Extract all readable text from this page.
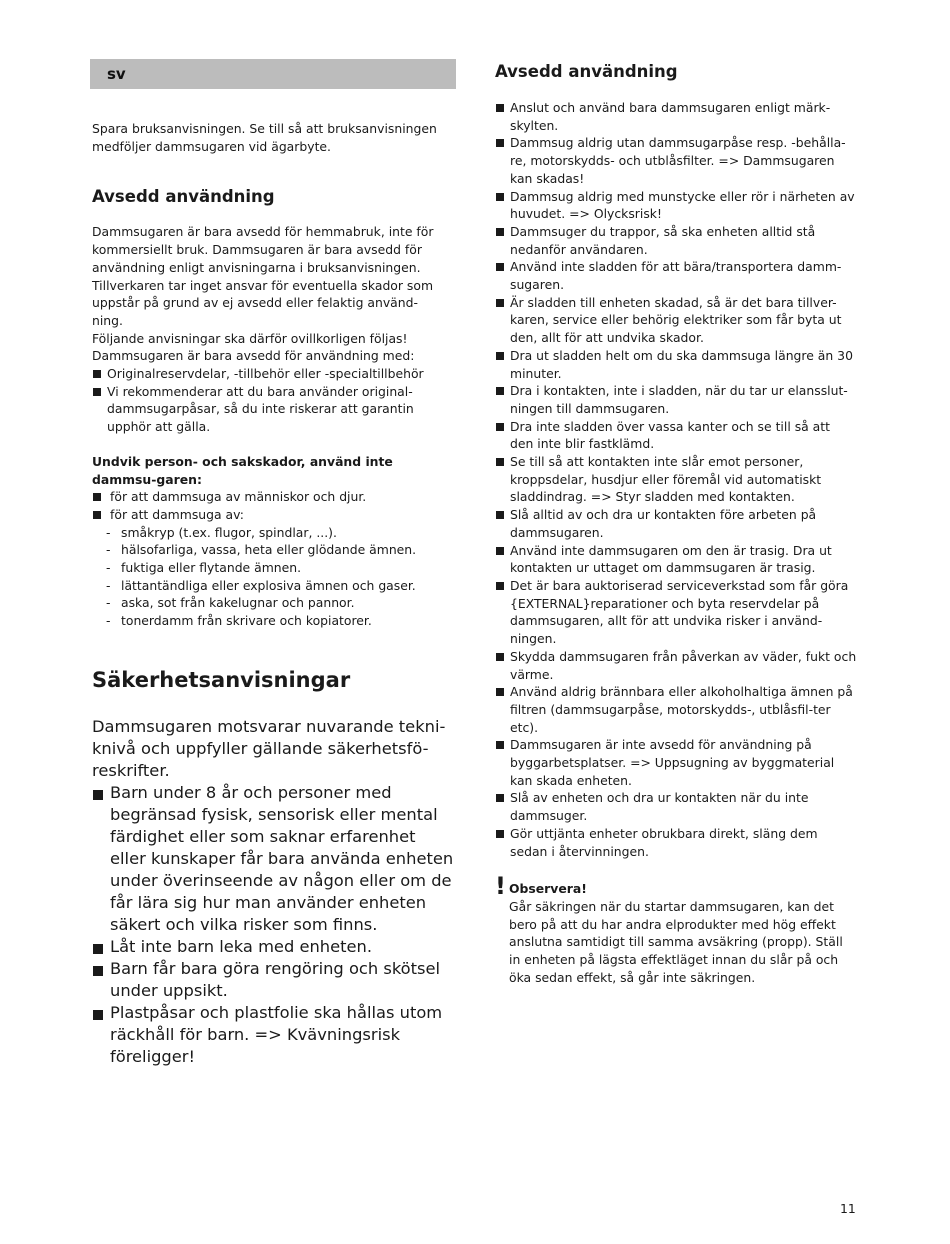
sv

Spara bruksanvisningen. Se till så att bruksanvisningen medföljer dammsugaren vid ägarbyte.

Avsedd användning

Dammsugaren är bara avsedd för hemmabruk, inte för

kommersiellt bruk. Dammsugaren är bara avsedd för

användning enligt anvisningarna i bruksanvisningen.

Tillverkaren tar inget ansvar för eventuella skador som

uppstår på grund av ej avsedd eller felaktig använd-

ning.

Följande anvisningar ska därför ovillkorligen följas!

Dammsugaren är bara avsedd för användning med:

Originalreservdelar, -tillbehör eller -specialtillbehör
Vi rekommenderar att du bara använder original-dammsugarpåsar, så du inte riskerar att garantin upphör att gälla.

Undvik person- och sakskador, använd inte dammsu-garen:

för att dammsuga av människor och djur.
för att dammsuga av:
- småkryp (t.ex. flugor, spindlar, ...).
- hälsofarliga, vassa, heta eller glödande ämnen.
- fuktiga eller flytande ämnen.
- lättantändliga eller explosiva ämnen och gaser.
- aska, sot från kakelugnar och pannor.
- tonerdamm från skrivare och kopiatorer.
Säkerhetsanvisningar

Dammsugaren motsvarar nuvarande tekni-knivå och uppfyller gällande säkerhetsfö-reskrifter.

Barn under 8 år och personer med begränsad fysisk, sensorisk eller mental färdighet eller som saknar erfarenhet eller kunskaper får bara använda enheten under överinseende av någon eller om de får lära sig hur man använder enheten säkert och vilka risker som finns.
Låt inte barn leka med enheten.
Barn får bara göra rengöring och skötsel under uppsikt.
Plastpåsar och plastfolie ska hållas utom räckhåll för barn. => Kvävningsrisk föreligger!
Avsedd användning
Anslut och använd bara dammsugaren enligt märk-skylten.
Dammsug aldrig utan dammsugarpåse resp. -behålla-re, motorskydds- och utblåsfilter. => Dammsugaren kan skadas!
Dammsug aldrig med munstycke eller rör i närheten av huvudet. => Olycksrisk!
Dammsuger du trappor, så ska enheten alltid stå nedanför användaren.
Använd inte sladden för att bära/transportera damm-sugaren.
Är sladden till enheten skadad, så är det bara tillver-karen, service eller behörig elektriker som får byta ut den, allt för att undvika skador.
Dra ut sladden helt om du ska dammsuga längre än 30 minuter.
Dra i kontakten, inte i sladden, när du tar ur elansslut-ningen till dammsugaren.
Dra inte sladden över vassa kanter och se till så att den inte blir fastklämd.
Se till så att kontakten inte slår emot personer, kroppsdelar, husdjur eller föremål vid automatiskt sladdindrag. => Styr sladden med kontakten.
Slå alltid av och dra ur kontakten före arbeten på dammsugaren.
Använd inte dammsugaren om den är trasig. Dra ut kontakten ur uttaget om dammsugaren är trasig.
Det är bara auktoriserad serviceverkstad som får göra {EXTERNAL}reparationer och byta reservdelar på dammsugaren, allt för att undvika risker i använd-ningen.
Skydda dammsugaren från påverkan av väder, fukt och värme.
Använd aldrig brännbara eller alkoholhaltiga ämnen på filtren (dammsugarpåse, motorskydds-, utblåsfil-ter etc).
Dammsugaren är inte avsedd för användning på byggarbetsplatser. => Uppsugning av byggmaterial kan skada enheten.
Slå av enheten och dra ur kontakten när du inte dammsuger.
Gör uttjänta enheter obrukbara direkt, släng dem sedan i återvinningen.
! Observera!

Går säkringen när du startar dammsugaren, kan det bero på att du har andra elprodukter med hög effekt anslutna samtidigt till samma avsäkring (propp). Ställ in enheten på lägsta effektläget innan du slår på och öka sedan effekt, så går inte säkringen.

11
